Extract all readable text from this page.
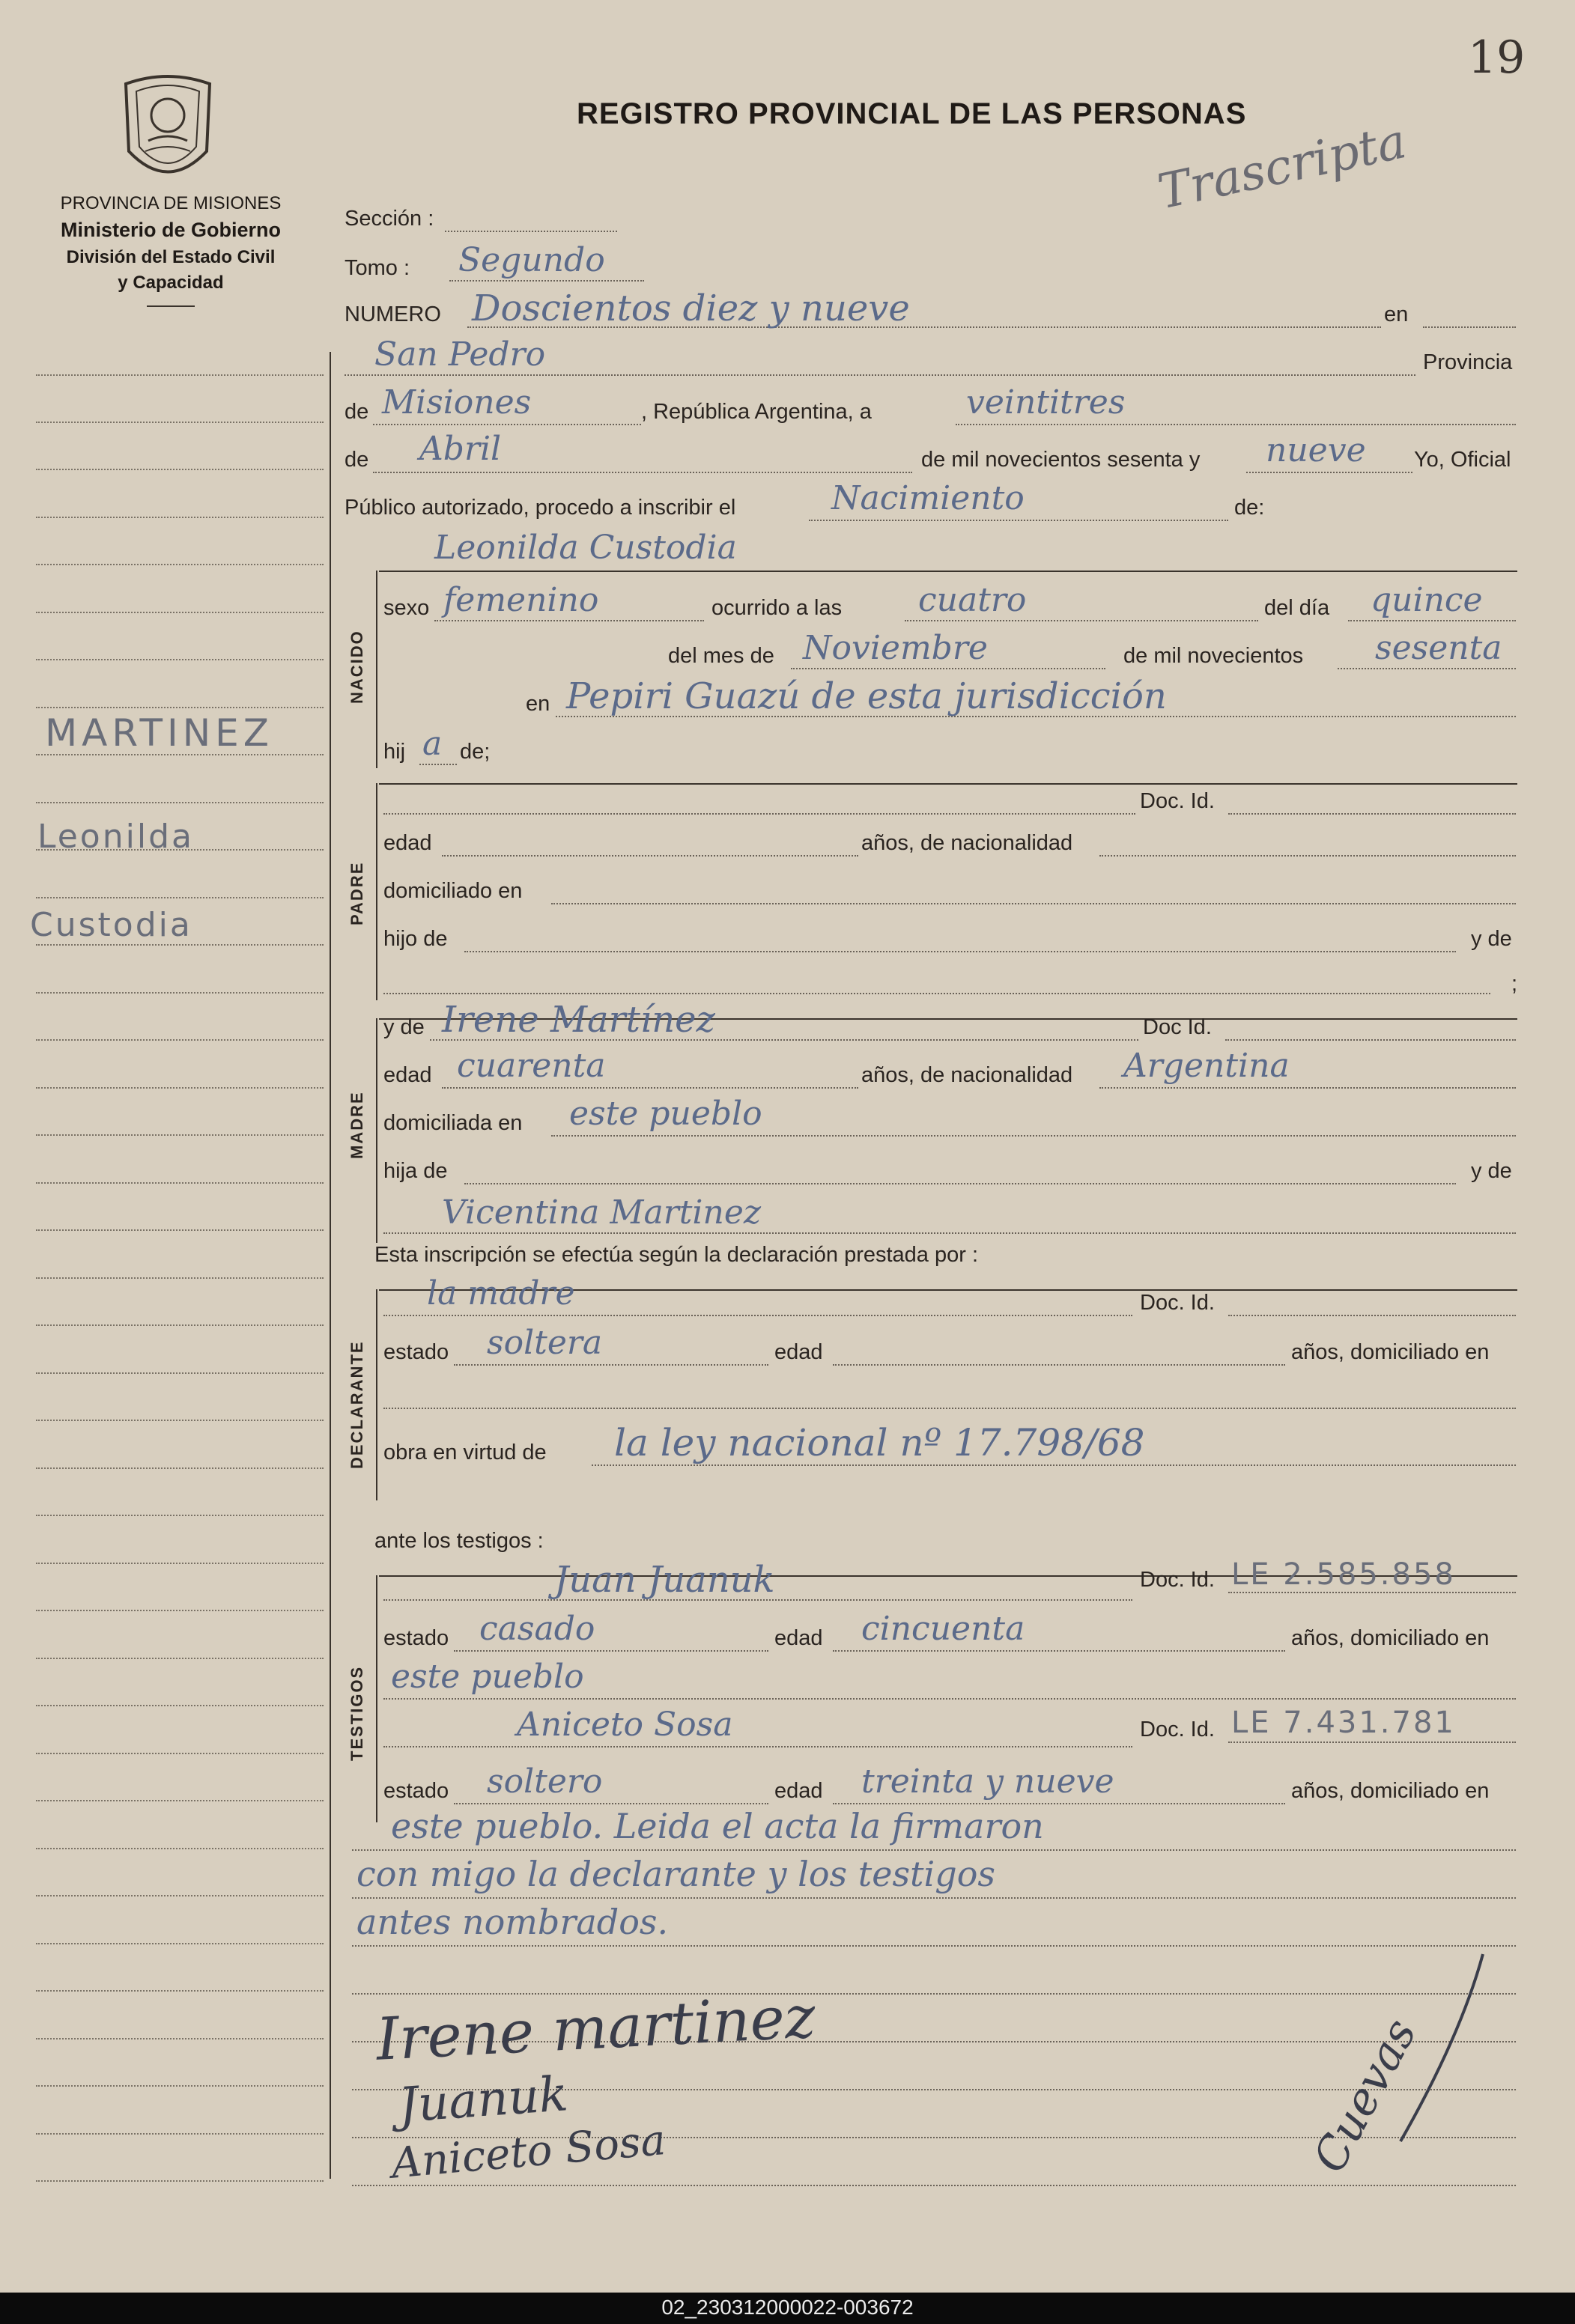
19
PROVINCIA DE MISIONES
Ministerio de Gobierno
División del Estado Civil
y Capacidad
REGISTRO PROVINCIAL DE LAS PERSONAS
Trascripta
MARTINEZ
Leonilda
Custodia
Sección :
Tomo : Segundo
NUMERO Doscientos diez y nueve	en
San Pedro	Provincia
de Misiones	, República Argentina, a	veintitres
de Abril	de mil novecientos sesenta y nueve Yo, Oficial
Público autorizado, procedo a inscribir el	Nacimiento	de:
NACIDO
Leonilda Custodia
sexo femenino	ocurrido a las cuatro	del día quince
del mes de Noviembre	de mil novecientos sesenta
en Pepiri Guazú de esta jurisdicción
hij a de;
PADRE
Doc. Id.
edad	años, de nacionalidad
domiciliado en
hijo de	y de
;
MADRE
y de Irene Martínez	Doc Id.
edad cuarenta	años, de nacionalidad Argentina
domiciliada en este pueblo
hija de	y de
Vicentina Martinez
Esta inscripción se efectúa según la declaración prestada por :
DECLARANTE
la madre	Doc. Id.
estado soltera	edad	años, domiciliado en
obra en virtud de la ley nacional nº 17.798/68
ante los testigos :
TESTIGOS
Juan Juanuk	Doc. Id. LE 2.585.858
estado casado	edad cincuenta	años, domiciliado en
este pueblo
Aniceto Sosa	Doc. Id. LE 7.431.781
estado soltero	edad treinta y nueve	años, domiciliado en
este pueblo. Leida el acta la firmaron
con migo la declarante y los testigos
antes nombrados.
Irene martinez
Juanuk
Aniceto Sosa	Cuevas
02_230312000022-003672
